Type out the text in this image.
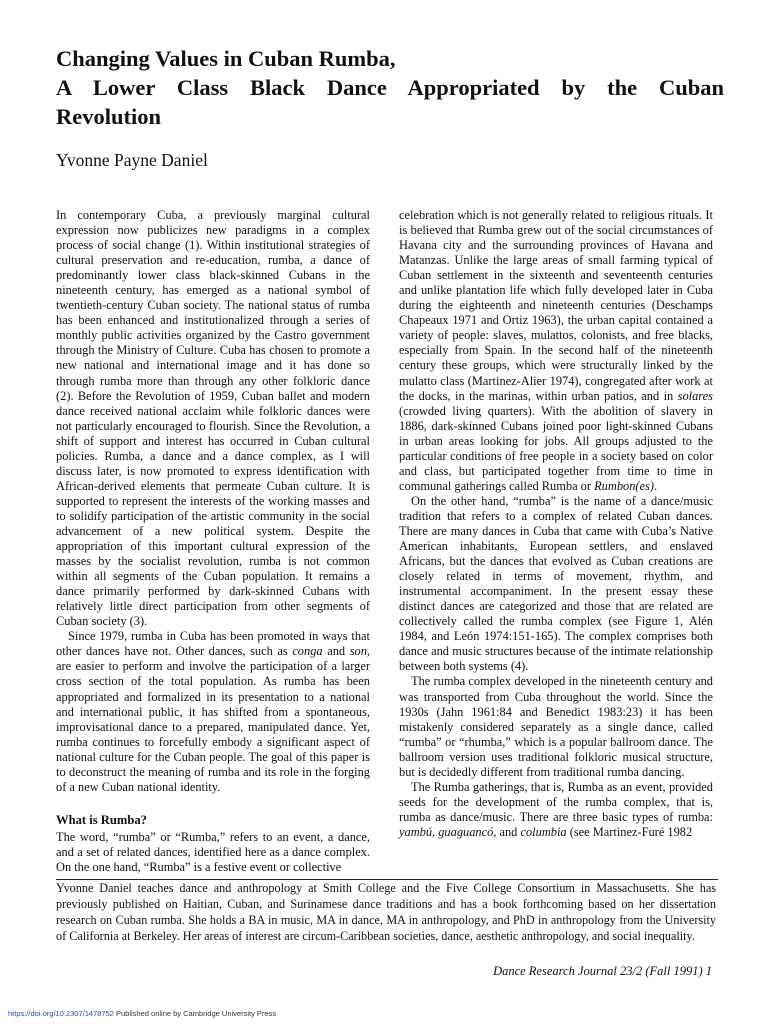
Changing Values in Cuban Rumba,
A Lower Class Black Dance Appropriated by the Cuban
Revolution

Yvonne Payne Daniel

In contemporary Cuba, a previously marginal cultural expression now publicizes new paradigms in a complex process of social change (1). Within institutional strategies of cultural preservation and re-education, rumba, a dance of predominantly lower class black-skinned Cubans in the nineteenth century, has emerged as a national symbol of twentieth-century Cuban society. The national status of rumba has been enhanced and institutionalized through a series of monthly public activities organized by the Castro government through the Ministry of Culture. Cuba has chosen to promote a new national and international image and it has done so through rumba more than through any other folkloric dance (2). Before the Revolution of 1959, Cuban ballet and modern dance received national acclaim while folkloric dances were not particularly encouraged to flourish. Since the Revolution, a shift of support and interest has occurred in Cuban cultural policies. Rumba, a dance and a dance complex, as I will discuss later, is now promoted to express identification with African-derived elements that permeate Cuban culture. It is supported to represent the interests of the working masses and to solidify participation of the artistic community in the social advancement of a new political system. Despite the appropriation of this important cultural expression of the masses by the socialist revolution, rumba is not common within all segments of the Cuban population. It remains a dance primarily performed by dark-skinned Cubans with relatively little direct participation from other segments of Cuban society (3).

Since 1979, rumba in Cuba has been promoted in ways that other dances have not. Other dances, such as conga and son, are easier to perform and involve the participation of a larger cross section of the total population. As rumba has been appropriated and formalized in its presentation to a national and international public, it has shifted from a spontaneous, improvisational dance to a prepared, manipulated dance. Yet, rumba continues to forcefully embody a significant aspect of national culture for the Cuban people. The goal of this paper is to deconstruct the meaning of rumba and its role in the forging of a new Cuban national identity.

What is Rumba?

The word, “rumba” or “Rumba,” refers to an event, a dance, and a set of related dances, identified here as a dance complex. On the one hand, “Rumba” is a festive event or collective

celebration which is not generally related to religious rituals. It is believed that Rumba grew out of the social circumstances of Havana city and the surrounding provinces of Havana and Matanzas. Unlike the large areas of small farming typical of Cuban settlement in the sixteenth and seventeenth centuries and unlike plantation life which fully developed later in Cuba during the eighteenth and nineteenth centuries (Deschamps Chapeaux 1971 and Ortiz 1963), the urban capital contained a variety of people: slaves, mulattos, colonists, and free blacks, especially from Spain. In the second half of the nineteenth century these groups, which were structurally linked by the mulatto class (Martinez-Alier 1974), congregated after work at the docks, in the marinas, within urban patios, and in solares (crowded living quarters). With the abolition of slavery in 1886, dark-skinned Cubans joined poor light-skinned Cubans in urban areas looking for jobs. All groups adjusted to the particular conditions of free people in a society based on color and class, but participated together from time to time in communal gatherings called Rumba or Rumbon(es).

On the other hand, “rumba” is the name of a dance/music tradition that refers to a complex of related Cuban dances. There are many dances in Cuba that came with Cuba’s Native American inhabitants, European settlers, and enslaved Africans, but the dances that evolved as Cuban creations are closely related in terms of movement, rhythm, and instrumental accompaniment. In the present essay these distinct dances are categorized and those that are related are collectively called the rumba complex (see Figure 1, Alén 1984, and León 1974:151-165). The complex comprises both dance and music structures because of the intimate relationship between both systems (4).

The rumba complex developed in the nineteenth century and was transported from Cuba throughout the world. Since the 1930s (Jahn 1961:84 and Benedict 1983:23) it has been mistakenly considered separately as a single dance, called “rumba” or “rhumba,” which is a popular ballroom dance. The ballroom version uses traditional folkloric musical structure, but is decidedly different from traditional rumba dancing.

The Rumba gatherings, that is, Rumba as an event, provided seeds for the development of the rumba complex, that is, rumba as dance/music. There are three basic types of rumba: yambú, guaguancó, and columbia (see Martinez-Furé 1982

Yvonne Daniel teaches dance and anthropology at Smith College and the Five College Consortium in Massachusetts. She has previously published on Haitian, Cuban, and Surinamese dance traditions and has a book forthcoming based on her dissertation research on Cuban rumba. She holds a BA in music, MA in dance, MA in anthropology, and PhD in anthropology from the University of California at Berkeley. Her areas of interest are circum-Caribbean societies, dance, aesthetic anthropology, and social inequality.

Dance Research Journal 23/2 (Fall 1991) 1

https://doi.org/10.2307/1478752 Published online by Cambridge University Press
